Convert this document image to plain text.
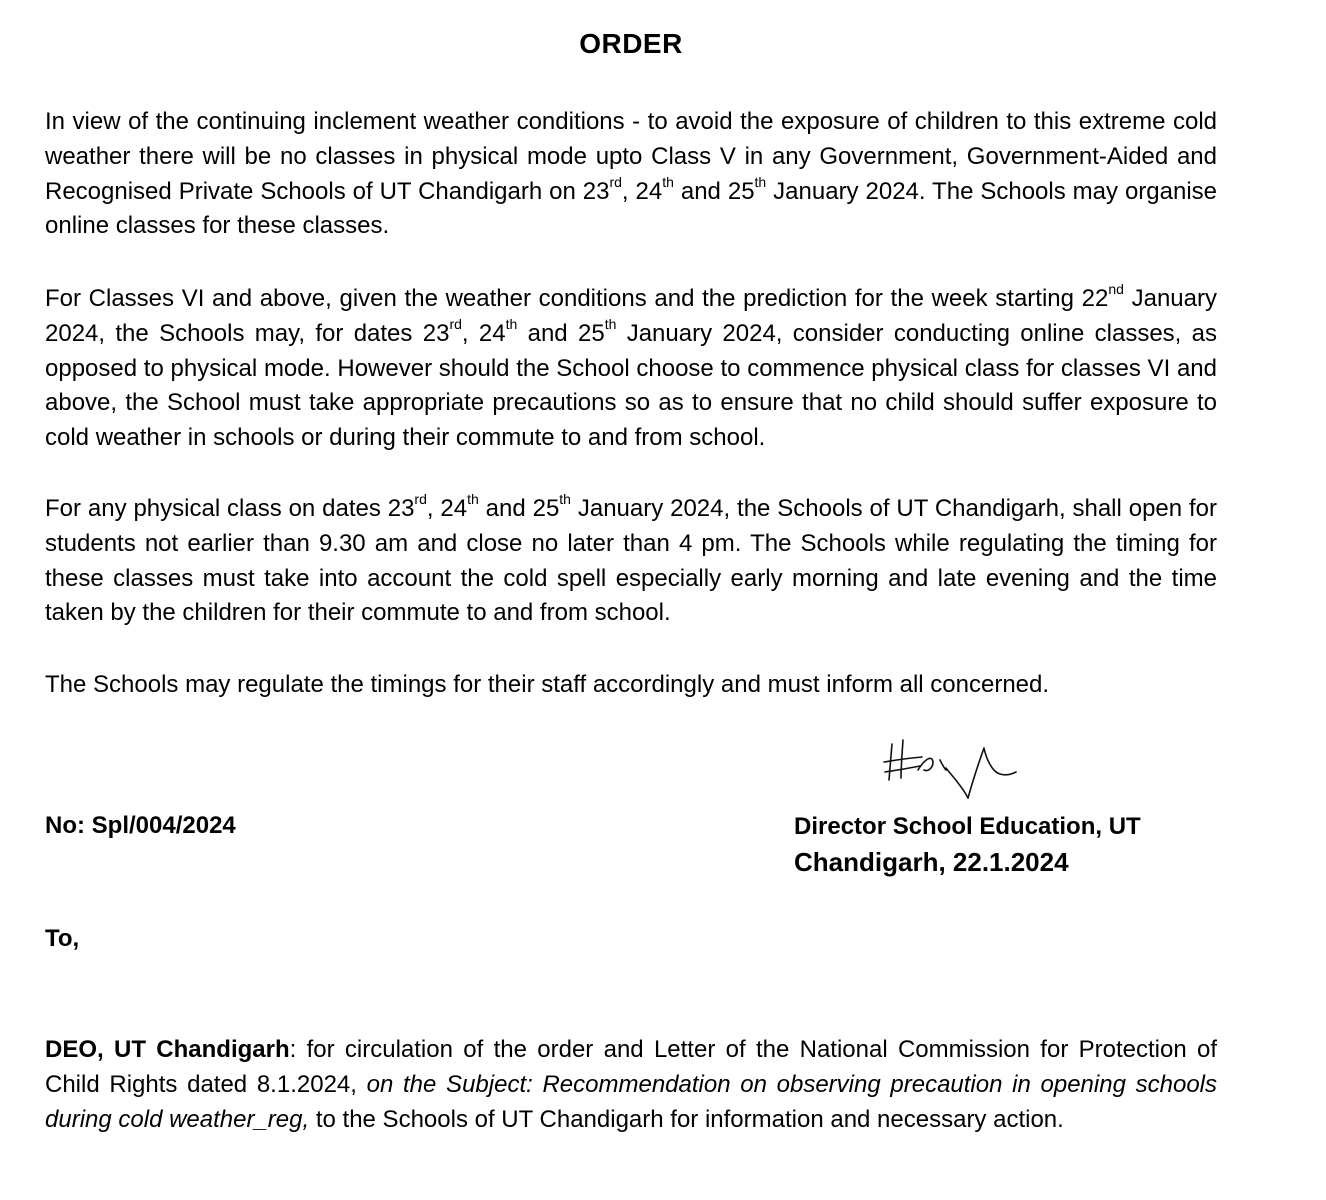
ORDER

In view of the continuing inclement weather conditions - to avoid the exposure of children to this extreme cold weather there will be no classes in physical mode upto Class V in any Government, Government-Aided and Recognised Private Schools of UT Chandigarh on 23rd, 24th and 25th January 2024. The Schools may organise online classes for these classes.

For Classes VI and above, given the weather conditions and the prediction for the week starting 22nd January 2024, the Schools may, for dates 23rd, 24th and 25th January 2024, consider conducting online classes, as opposed to physical mode. However should the School choose to commence physical class for classes VI and above, the School must take appropriate precautions so as to ensure that no child should suffer exposure to cold weather in schools or during their commute to and from school.

For any physical class on dates 23rd, 24th and 25th January 2024, the Schools of UT Chandigarh, shall open for students not earlier than 9.30 am and close no later than 4 pm. The Schools while regulating the timing for these classes must take into account the cold spell especially early morning and late evening and the time taken by the children for their commute to and from school.

The Schools may regulate the timings for their staff accordingly and must inform all concerned.

No: Spl/004/2024	Director School Education, UT
Chandigarh, 22.1.2024
To,

DEO, UT Chandigarh: for circulation of the order and Letter of the National Commission for Protection of Child Rights dated 8.1.2024, on the Subject: Recommendation on observing precaution in opening schools during cold weather_reg, to the Schools of UT Chandigarh for information and necessary action.
